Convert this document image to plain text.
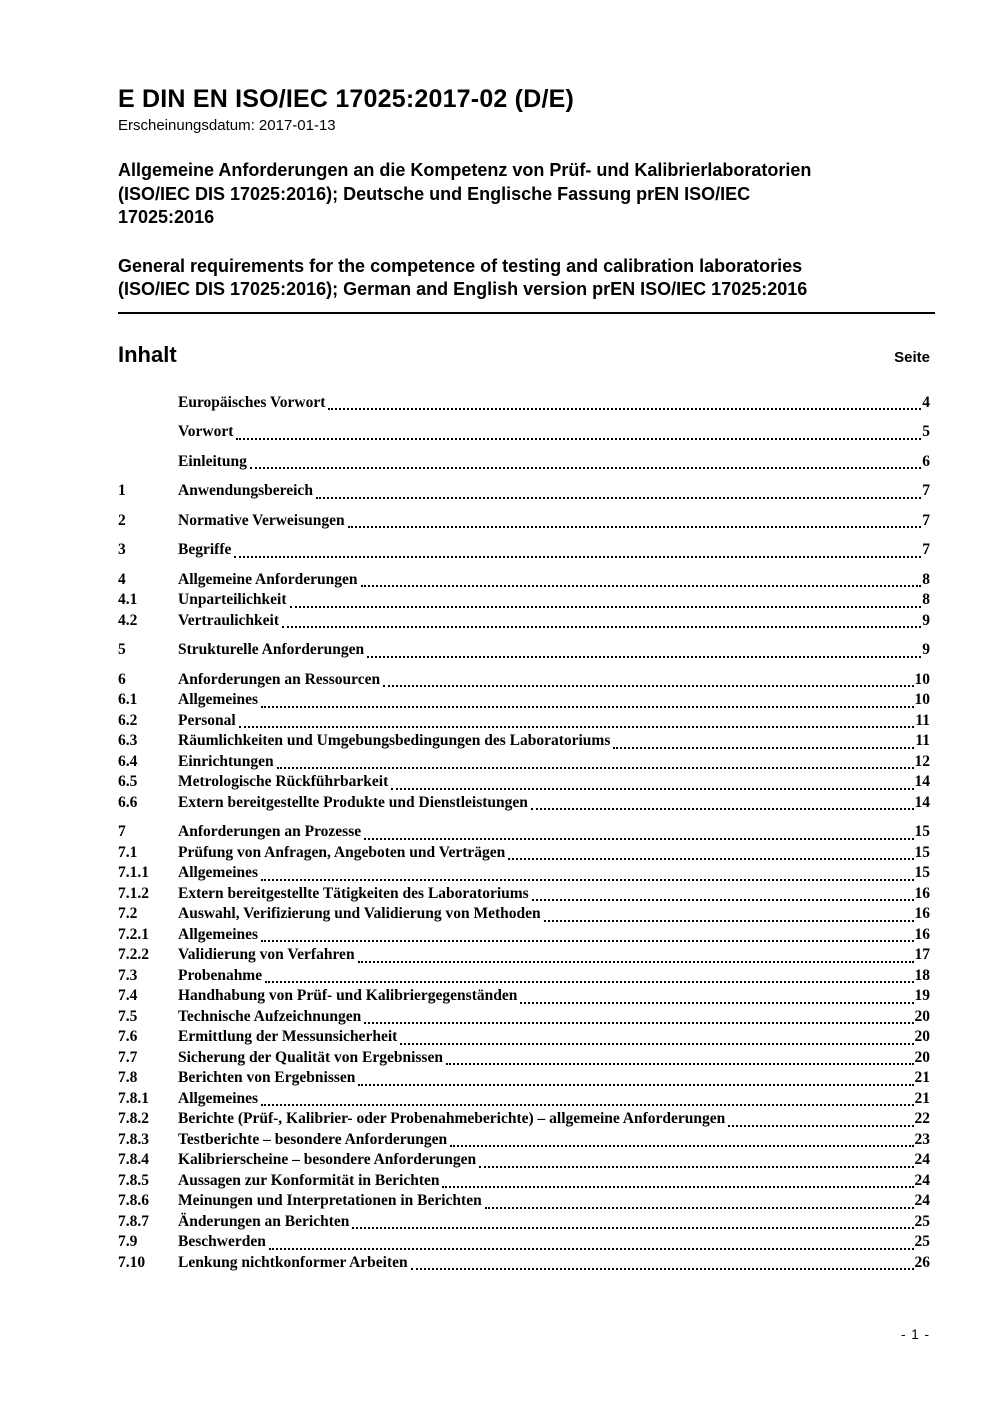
E DIN EN ISO/IEC 17025:2017-02 (D/E)
Erscheinungsdatum: 2017-01-13
Allgemeine Anforderungen an die Kompetenz von Prüf- und Kalibrierlaboratorien
(ISO/IEC DIS 17025:2016); Deutsche und Englische Fassung prEN ISO/IEC
17025:2016
General requirements for the competence of testing and calibration laboratories
(ISO/IEC DIS 17025:2016); German and English version prEN ISO/IEC 17025:2016
Inhalt	Seite
Europäisches Vorwort	4
Vorwort	5
Einleitung	6
1	Anwendungsbereich	7
2	Normative Verweisungen	7
3	Begriffe	7
4	Allgemeine Anforderungen	8
4.1	Unparteilichkeit	8
4.2	Vertraulichkeit	9
5	Strukturelle Anforderungen	9
6	Anforderungen an Ressourcen	10
6.1	Allgemeines	10
6.2	Personal	11
6.3	Räumlichkeiten und Umgebungsbedingungen des Laboratoriums	11
6.4	Einrichtungen	12
6.5	Metrologische Rückführbarkeit	14
6.6	Extern bereitgestellte Produkte und Dienstleistungen	14
7	Anforderungen an Prozesse	15
7.1	Prüfung von Anfragen, Angeboten und Verträgen	15
7.1.1	Allgemeines	15
7.1.2	Extern bereitgestellte Tätigkeiten des Laboratoriums	16
7.2	Auswahl, Verifizierung und Validierung von Methoden	16
7.2.1	Allgemeines	16
7.2.2	Validierung von Verfahren	17
7.3	Probenahme	18
7.4	Handhabung von Prüf- und Kalibriergegenständen	19
7.5	Technische Aufzeichnungen	20
7.6	Ermittlung der Messunsicherheit	20
7.7	Sicherung der Qualität von Ergebnissen	20
7.8	Berichten von Ergebnissen	21
7.8.1	Allgemeines	21
7.8.2	Berichte (Prüf-, Kalibrier- oder Probenahmeberichte) – allgemeine Anforderungen	22
7.8.3	Testberichte – besondere Anforderungen	23
7.8.4	Kalibrierscheine – besondere Anforderungen	24
7.8.5	Aussagen zur Konformität in Berichten	24
7.8.6	Meinungen und Interpretationen in Berichten	24
7.8.7	Änderungen an Berichten	25
7.9	Beschwerden	25
7.10	Lenkung nichtkonformer Arbeiten	26
- 1 -
